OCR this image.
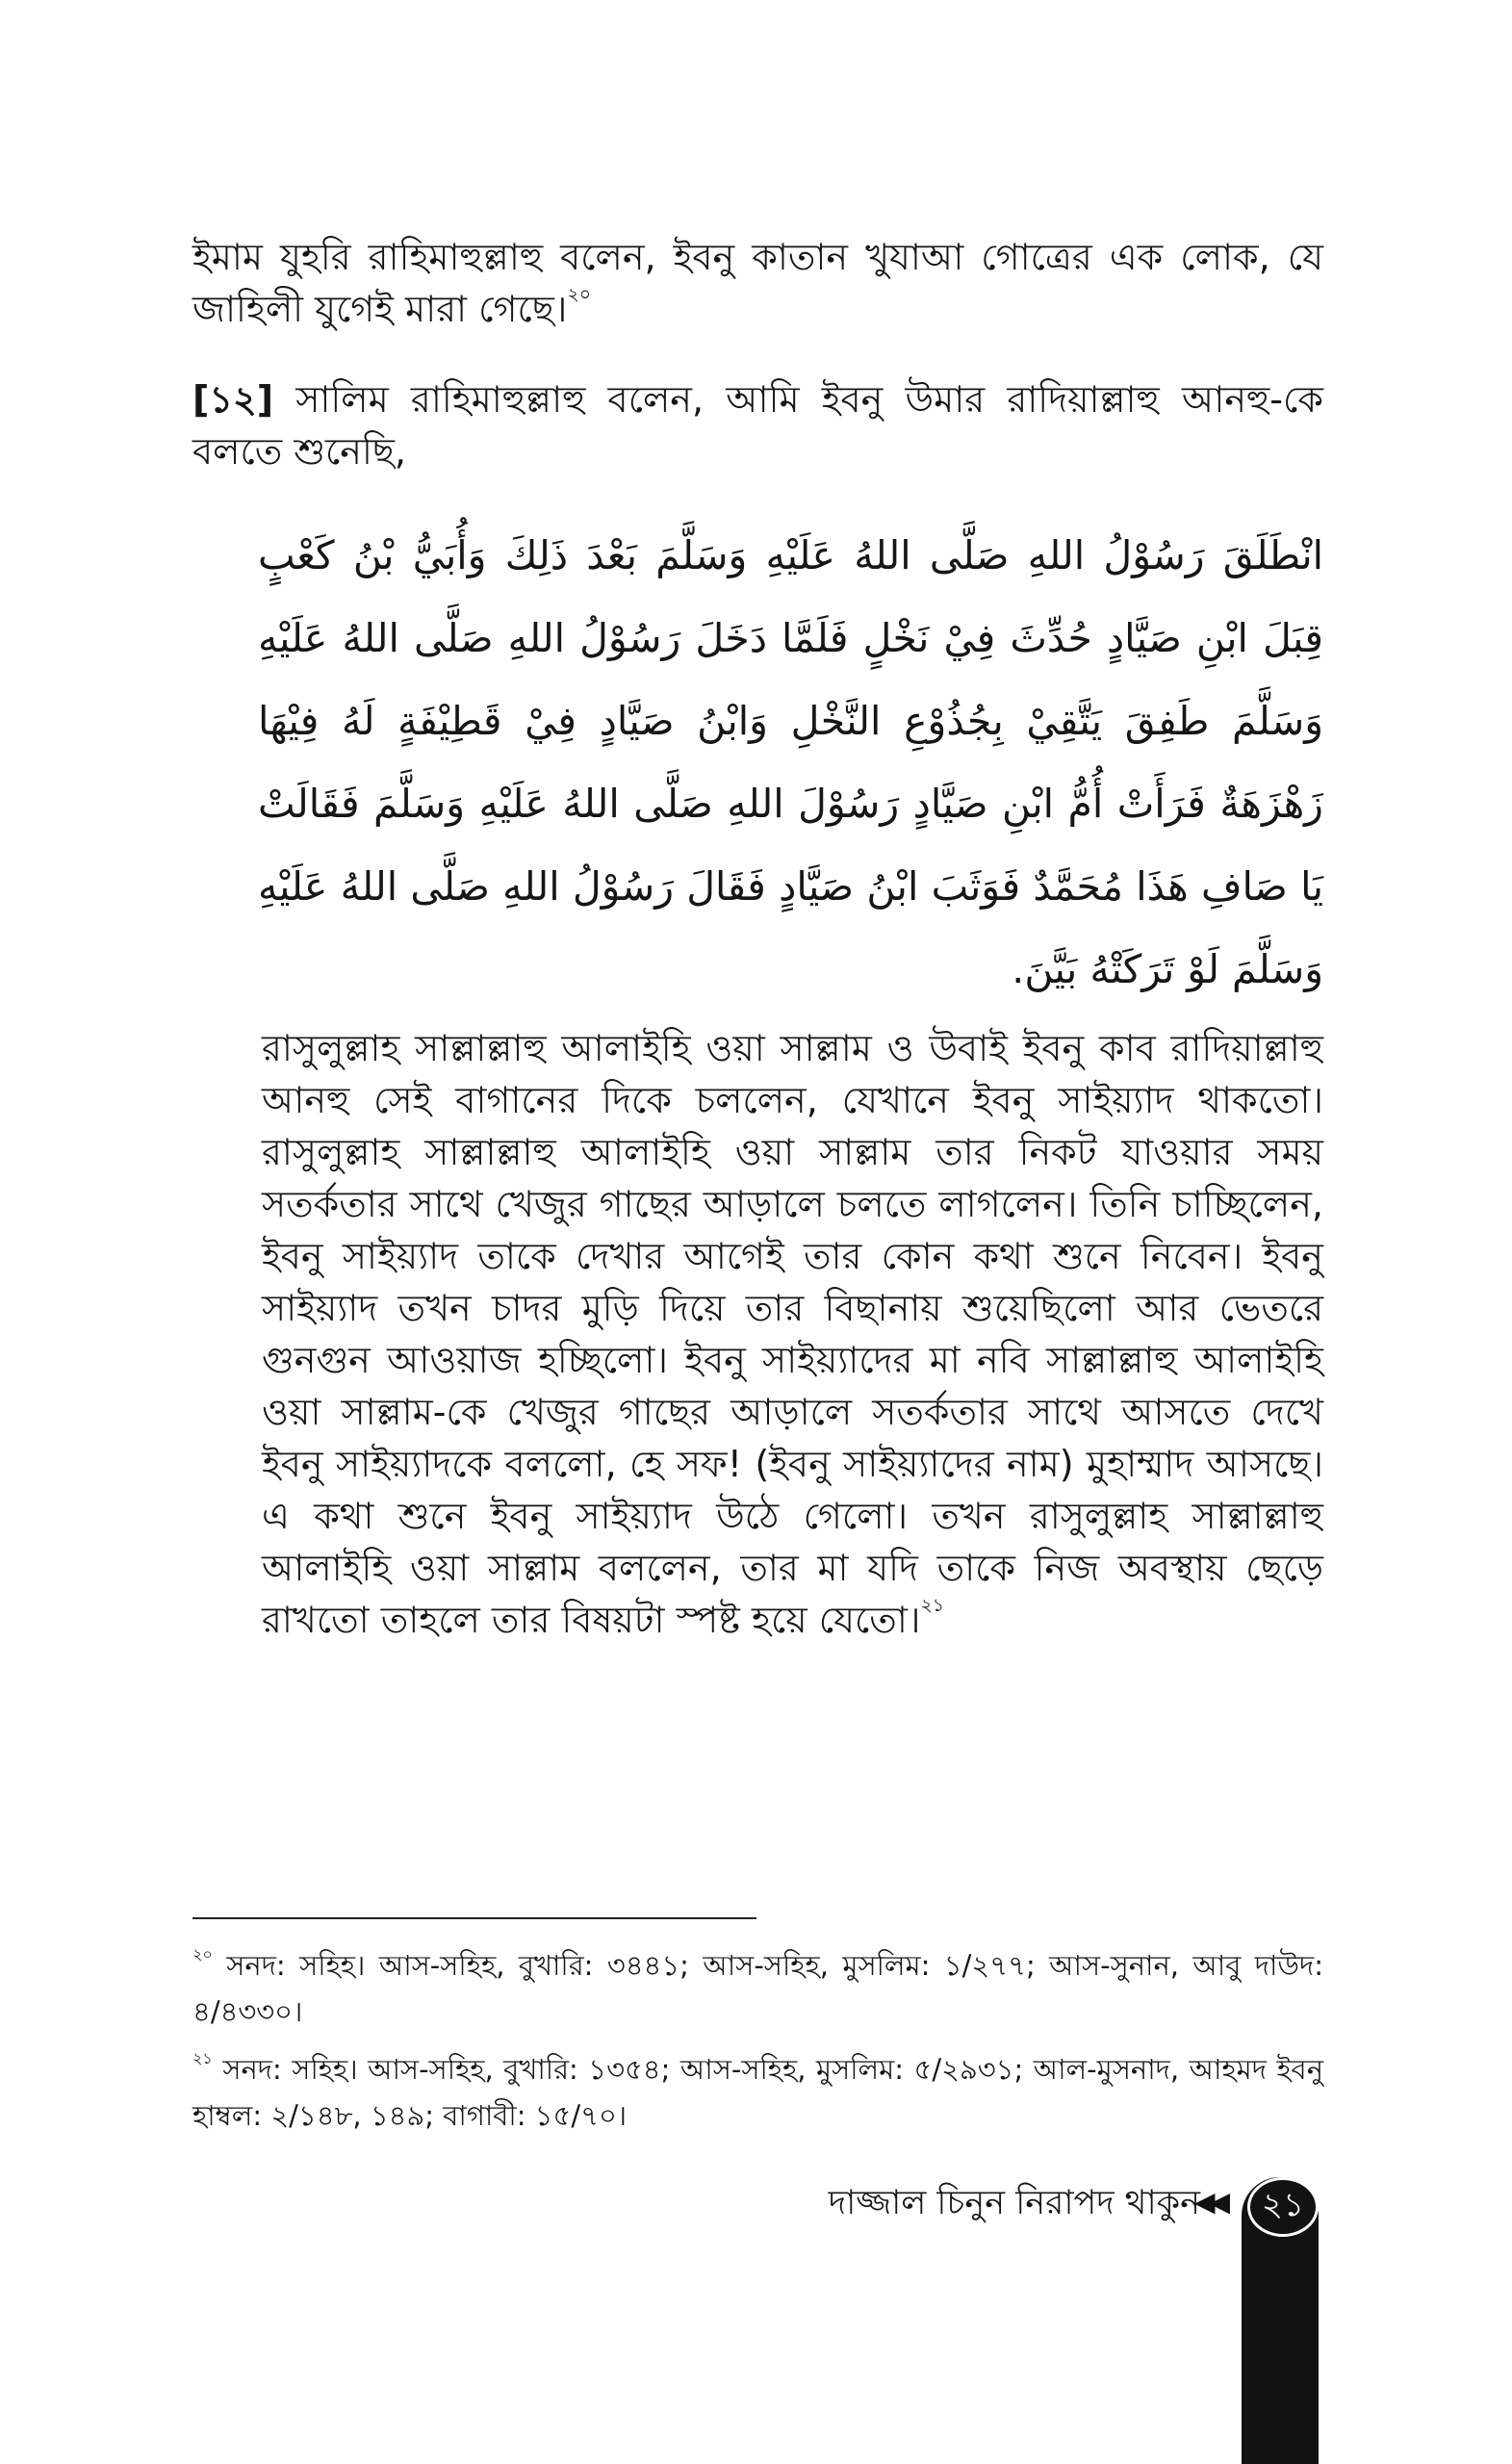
ইমাম যুহরি রাহিমাহুল্লাহু বলেন, ইবনু কাতান খুযাআ গোত্রের এক লোক, যে জাহিলী যুগেই মারা গেছে।$^{২০}$

[১২] সালিম রাহিমাহুল্লাহু বলেন, আমি ইবনু উমার রাদিয়াল্লাহু আনহু-কে বলতে শুনেছি,

انْطَلَقَ رَسُوْلُ اللهِ صَلَّى اللهُ عَلَيْهِ وَسَلَّمَ بَعْدَ ذَلِكَ وَأُبَيُّ بْنُ كَعْبٍ قِبَلَ ابْنِ صَيَّادٍ حُدِّثَ فِيْ نَخْلٍ فَلَمَّا دَخَلَ رَسُوْلُ اللهِ صَلَّى اللهُ عَلَيْهِ وَسَلَّمَ طَفِقَ يَتَّقِيْ بِجُذُوْعِ النَّخْلِ وَابْنُ صَيَّادٍ فِيْ قَطِيْفَةٍ لَهُ فِيْهَا زَهْزَهَةٌ فَرَأَتْ أُمُّ ابْنِ صَيَّادٍ رَسُوْلَ اللهِ صَلَّى اللهُ عَلَيْهِ وَسَلَّمَ فَقَالَتْ يَا صَافِ هَذَا مُحَمَّدٌ فَوَثَبَ ابْنُ صَيَّادٍ فَقَالَ رَسُوْلُ اللهِ صَلَّى اللهُ عَلَيْهِ وَسَلَّمَ لَوْ تَرَكَتْهُ بَيَّنَ.

রাসুলুল্লাহ সাল্লাল্লাহু আলাইহি ওয়া সাল্লাম ও উবাই ইবনু কাব রাদিয়াল্লাহু আনহু সেই বাগানের দিকে চললেন, যেখানে ইবনু সাইয়্যাদ থাকতো। রাসুলুল্লাহ সাল্লাল্লাহু আলাইহি ওয়া সাল্লাম তার নিকট যাওয়ার সময় সতর্কতার সাথে খেজুর গাছের আড়ালে চলতে লাগলেন। তিনি চাচ্ছিলেন, ইবনু সাইয়্যাদ তাকে দেখার আগেই তার কোন কথা শুনে নিবেন। ইবনু সাইয়্যাদ তখন চাদর মুড়ি দিয়ে তার বিছানায় শুয়েছিলো আর ভেতরে গুনগুন আওয়াজ হচ্ছিলো। ইবনু সাইয়্যাদের মা নবি সাল্লাল্লাহু আলাইহি ওয়া সাল্লাম-কে খেজুর গাছের আড়ালে সতর্কতার সাথে আসতে দেখে ইবনু সাইয়্যাদকে বললো, হে সফ! (ইবনু সাইয়্যাদের নাম) মুহাম্মাদ আসছে। এ কথা শুনে ইবনু সাইয়্যাদ উঠে গেলো। তখন রাসুলুল্লাহ সাল্লাল্লাহু আলাইহি ওয়া সাল্লাম বললেন, তার মা যদি তাকে নিজ অবস্থায় ছেড়ে রাখতো তাহলে তার বিষয়টা স্পষ্ট হয়ে যেতো।$^{২১}$

$^{২০}$ সনদ: সহিহ। আস-সহিহ, বুখারি: ৩৪৪১; আস-সহিহ, মুসলিম: ১/২৭৭; আস-সুনান, আবু দাউদ: ৪/৪৩৩০।

$^{২১}$ সনদ: সহিহ। আস-সহিহ, বুখারি: ১৩৫৪; আস-সহিহ, মুসলিম: ৫/২৯৩১; আল-মুসনাদ, আহমদ ইবনু হাম্বল: ২/১৪৮, ১৪৯; বাগাবী: ১৫/৭০।

দাজ্জাল চিনুন নিরাপদ থাকুন
◀◀	২১
